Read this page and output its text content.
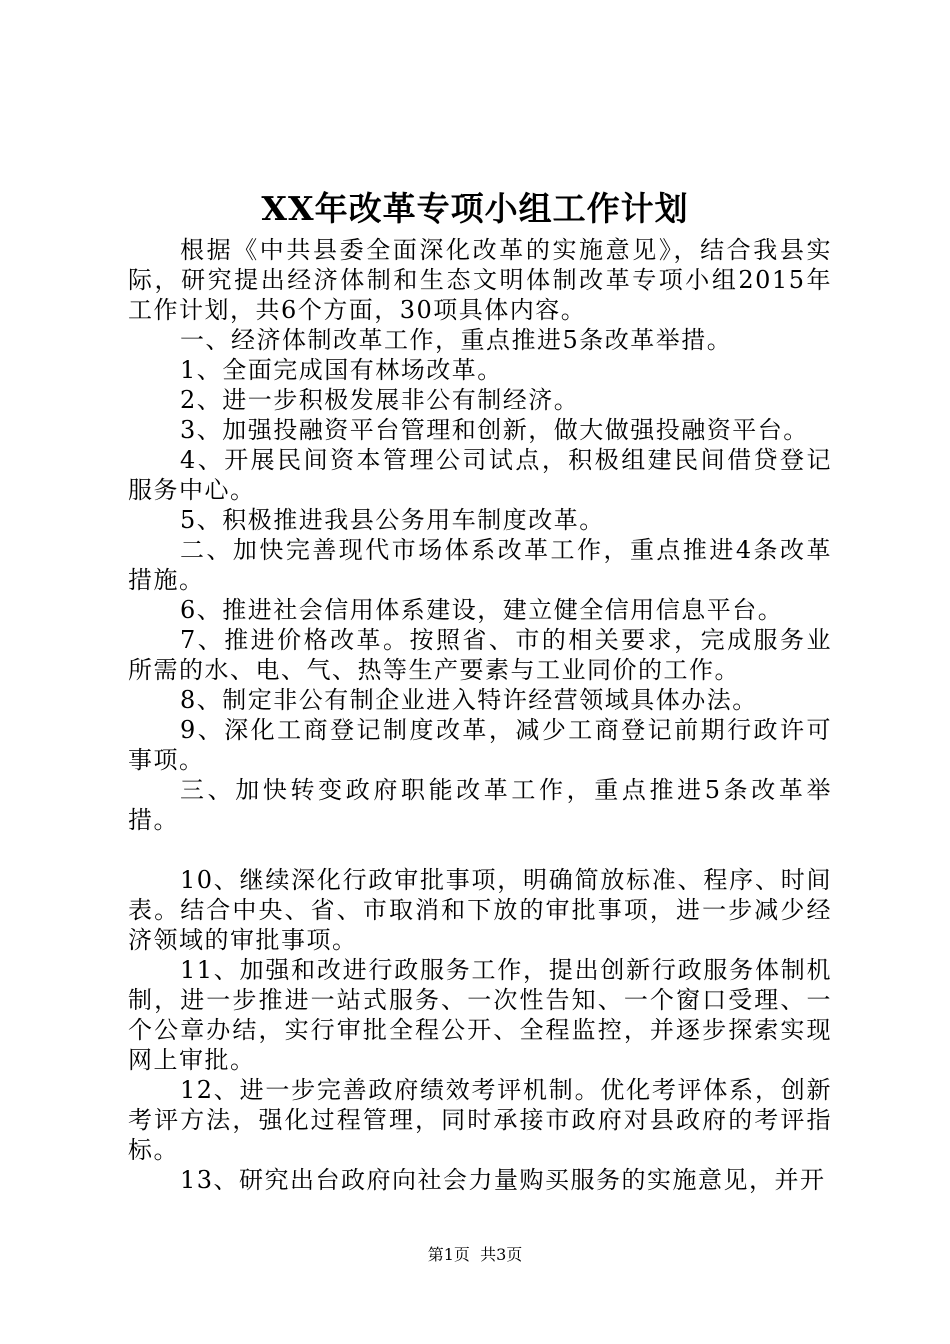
XX年改革专项小组工作计划

根据《中共县委全面深化改革的实施意见》，结合我县实际，研究提出经济体制和生态文明体制改革专项小组2015年工作计划，共6个方面，30项具体内容。

一、经济体制改革工作，重点推进5条改革举措。

1、全面完成国有林场改革。

2、进一步积极发展非公有制经济。

3、加强投融资平台管理和创新，做大做强投融资平台。

4、开展民间资本管理公司试点，积极组建民间借贷登记服务中心。

5、积极推进我县公务用车制度改革。

二、加快完善现代市场体系改革工作，重点推进4条改革措施。

6、推进社会信用体系建设，建立健全信用信息平台。

7、推进价格改革。按照省、市的相关要求，完成服务业所需的水、电、气、热等生产要素与工业同价的工作。

8、制定非公有制企业进入特许经营领域具体办法。

9、深化工商登记制度改革，减少工商登记前期行政许可事项。

三、加快转变政府职能改革工作，重点推进5条改革举措。

10、继续深化行政审批事项，明确简放标准、程序、时间表。结合中央、省、市取消和下放的审批事项，进一步减少经济领域的审批事项。

11、加强和改进行政服务工作，提出创新行政服务体制机制，进一步推进一站式服务、一次性告知、一个窗口受理、一个公章办结，实行审批全程公开、全程监控，并逐步探索实现网上审批。

12、进一步完善政府绩效考评机制。优化考评体系，创新考评方法，强化过程管理，同时承接市政府对县政府的考评指标。

13、研究出台政府向社会力量购买服务的实施意见，并开

第1页 共3页
